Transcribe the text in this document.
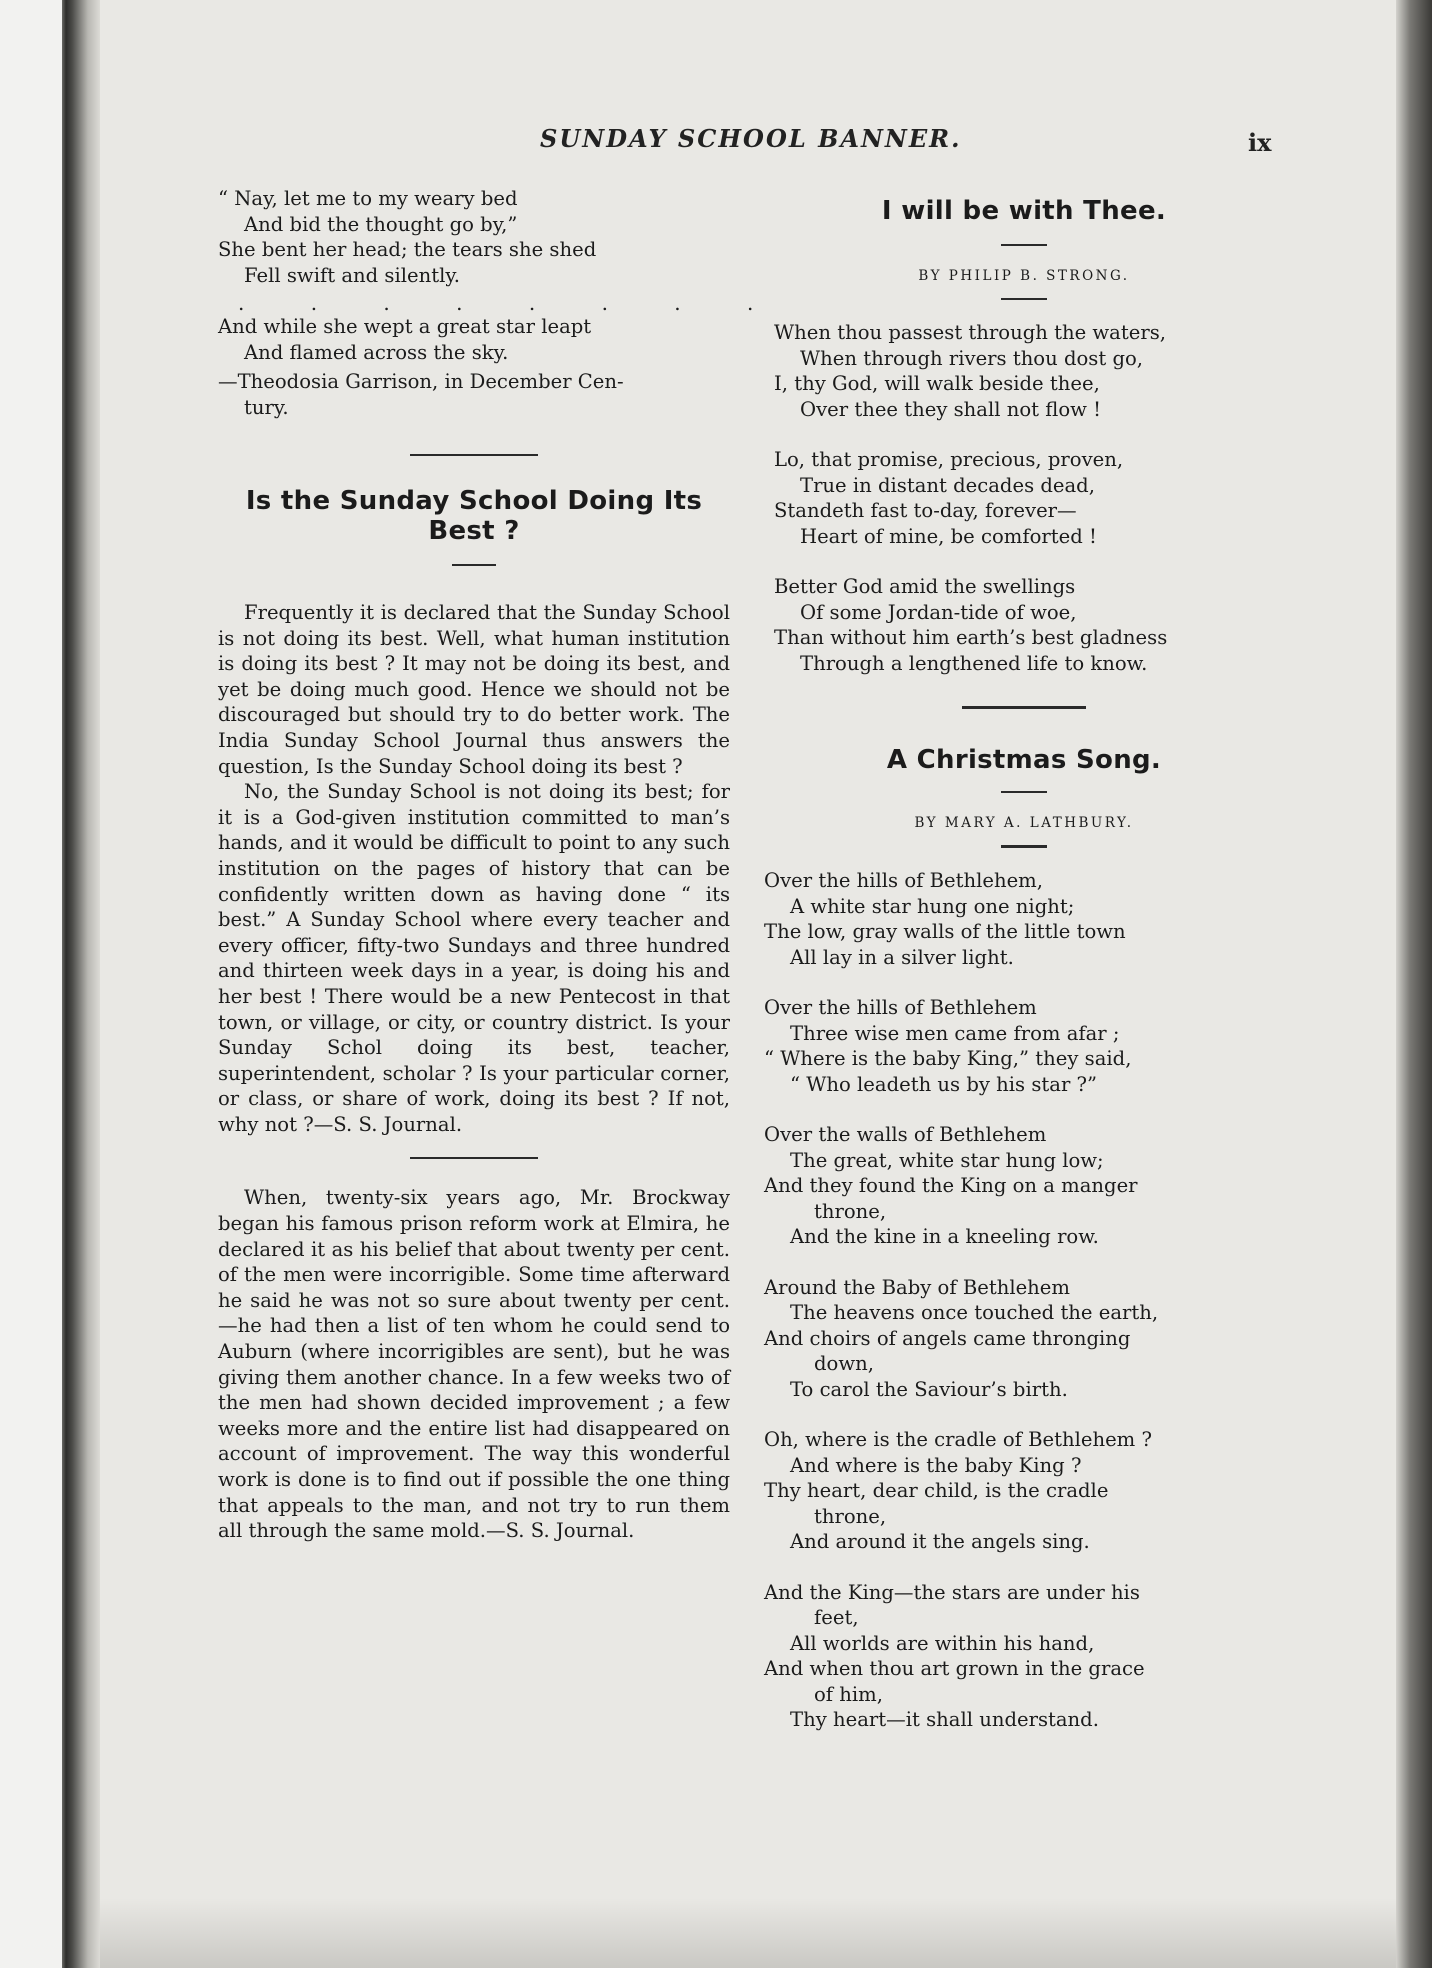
SUNDAY SCHOOL BANNER.	ix
“ Nay, let me to my weary bed
And bid the thought go by,”
She bent her head; the tears she shed
Fell swift and silently.
. . . . . . . .
And while she wept a great star leapt
And flamed across the sky.
—Theodosia Garrison, in December Cen-
tury.
Is the Sunday School Doing Its Best ?

Frequently it is declared that the Sunday School is not doing its best. Well, what human institution is doing its best ? It may not be doing its best, and yet be doing much good. Hence we should not be discouraged but should try to do better work. The India Sunday School Journal thus answers the question, Is the Sunday School doing its best ?

No, the Sunday School is not doing its best; for it is a God-given institution committed to man’s hands, and it would be difficult to point to any such institution on the pages of history that can be confidently written down as having done “ its best.” A Sunday School where every teacher and every officer, fifty-two Sundays and three hundred and thirteen week days in a year, is doing his and her best ! There would be a new Pentecost in that town, or village, or city, or country district. Is your Sunday Schol doing its best, teacher, superintendent, scholar ? Is your particular corner, or class, or share of work, doing its best ? If not, why not ?—S. S. Journal.

When, twenty-six years ago, Mr. Brockway began his famous prison reform work at Elmira, he declared it as his belief that about twenty per cent. of the men were incorrigible. Some time afterward he said he was not so sure about twenty per cent.—he had then a list of ten whom he could send to Auburn (where incorrigibles are sent), but he was giving them another chance. In a few weeks two of the men had shown decided improvement ; a few weeks more and the entire list had disappeared on account of improvement. The way this wonderful work is done is to find out if possible the one thing that appeals to the man, and not try to run them all through the same mold.—S. S. Journal.

I will be with Thee.
BY PHILIP B. STRONG.
When thou passest through the waters,
When through rivers thou dost go,
I, thy God, will walk beside thee,
Over thee they shall not flow !
Lo, that promise, precious, proven,
True in distant decades dead,
Standeth fast to-day, forever—
Heart of mine, be comforted !
Better God amid the swellings
Of some Jordan-tide of woe,
Than without him earth’s best gladness
Through a lengthened life to know.
A Christmas Song.
BY MARY A. LATHBURY.
Over the hills of Bethlehem,
A white star hung one night;
The low, gray walls of the little town
All lay in a silver light.
Over the hills of Bethlehem
Three wise men came from afar ;
“ Where is the baby King,” they said,
“ Who leadeth us by his star ?”
Over the walls of Bethlehem
The great, white star hung low;
And they found the King on a manger
throne,
And the kine in a kneeling row.
Around the Baby of Bethlehem
The heavens once touched the earth,
And choirs of angels came thronging
down,
To carol the Saviour’s birth.
Oh, where is the cradle of Bethlehem ?
And where is the baby King ?
Thy heart, dear child, is the cradle
throne,
And around it the angels sing.
And the King—the stars are under his
feet,
All worlds are within his hand,
And when thou art grown in the grace
of him,
Thy heart—it shall understand.
